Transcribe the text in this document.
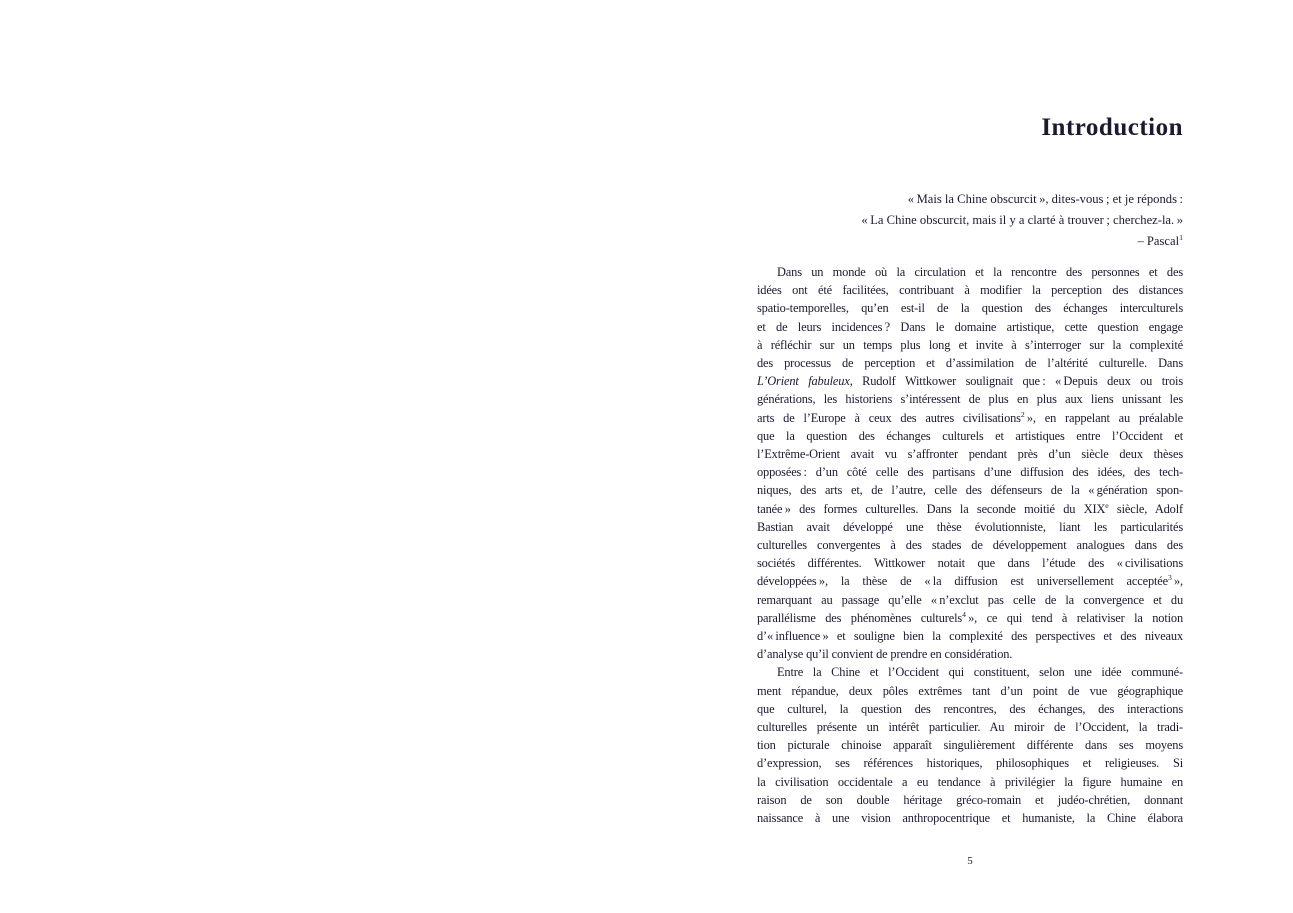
Introduction
« Mais la Chine obscurcit », dites-vous ; et je réponds :
« La Chine obscurcit, mais il y a clarté à trouver ; cherchez-la. »
– Pascal$^1$
Dans un monde où la circulation et la rencontre des personnes et des
idées ont été facilitées, contribuant à modifier la perception des distances
spatio-temporelles, qu’en est-il de la question des échanges interculturels
et de leurs incidences ? Dans le domaine artistique, cette question engage
à réfléchir sur un temps plus long et invite à s’interroger sur la complexité
des processus de perception et d’assimilation de l’altérité culturelle. Dans
L’Orient fabuleux, Rudolf Wittkower soulignait que : « Depuis deux ou trois
générations, les historiens s’intéressent de plus en plus aux liens unissant les
arts de l’Europe à ceux des autres civilisations$^2$ », en rappelant au préalable
que la question des échanges culturels et artistiques entre l’Occident et
l’Extrême-Orient avait vu s’affronter pendant près d’un siècle deux thèses
opposées : d’un côté celle des partisans d’une diffusion des idées, des tech-
niques, des arts et, de l’autre, celle des défenseurs de la « génération spon-
tanée » des formes culturelles. Dans la seconde moitié du XIXe siècle, Adolf
Bastian avait développé une thèse évolutionniste, liant les particularités
culturelles convergentes à des stades de développement analogues dans des
sociétés différentes. Wittkower notait que dans l’étude des « civilisations
développées », la thèse de « la diffusion est universellement acceptée$^3$ »,
remarquant au passage qu’elle « n’exclut pas celle de la convergence et du
parallélisme des phénomènes culturels$^4$ », ce qui tend à relativiser la notion
d’« influence » et souligne bien la complexité des perspectives et des niveaux
d’analyse qu’il convient de prendre en considération.
Entre la Chine et l’Occident qui constituent, selon une idée communé-
ment répandue, deux pôles extrêmes tant d’un point de vue géographique
que culturel, la question des rencontres, des échanges, des interactions
culturelles présente un intérêt particulier. Au miroir de l’Occident, la tradi-
tion picturale chinoise apparaît singulièrement différente dans ses moyens
d’expression, ses références historiques, philosophiques et religieuses. Si
la civilisation occidentale a eu tendance à privilégier la figure humaine en
raison de son double héritage gréco-romain et judéo-chrétien, donnant
naissance à une vision anthropocentrique et humaniste, la Chine élabora
5
